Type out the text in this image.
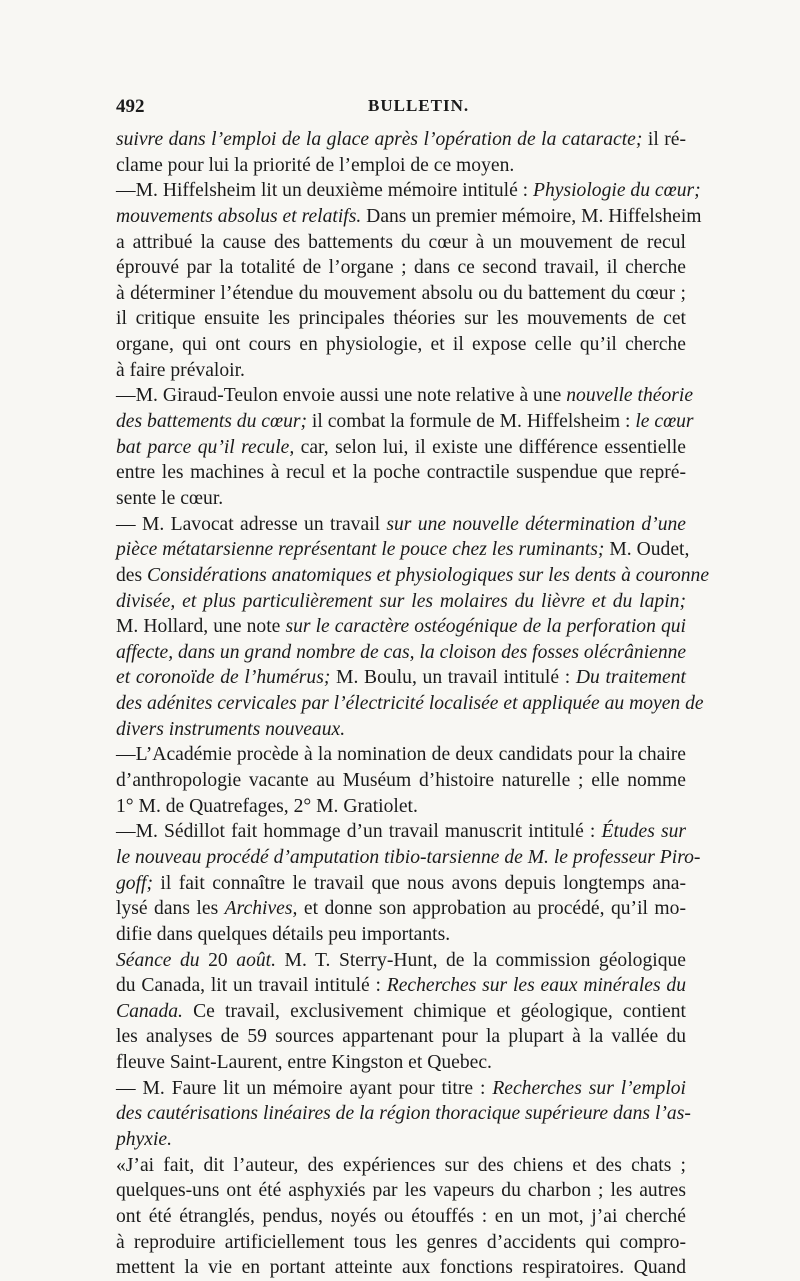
492	BULLETIN.
suivre dans l’emploi de la glace après l’opération de la cataracte; il ré-
clame pour lui la priorité de l’emploi de ce moyen.
—M. Hiffelsheim lit un deuxième mémoire intitulé : Physiologie du cœur;
mouvements absolus et relatifs. Dans un premier mémoire, M. Hiffelsheim
a attribué la cause des battements du cœur à un mouvement de recul
éprouvé par la totalité de l’organe ; dans ce second travail, il cherche
à déterminer l’étendue du mouvement absolu ou du battement du cœur ;
il critique ensuite les principales théories sur les mouvements de cet
organe, qui ont cours en physiologie, et il expose celle qu’il cherche
à faire prévaloir.
—M. Giraud-Teulon envoie aussi une note relative à une nouvelle théorie
des battements du cœur; il combat la formule de M. Hiffelsheim : le cœur
bat parce qu’il recule, car, selon lui, il existe une différence essentielle
entre les machines à recul et la poche contractile suspendue que repré-
sente le cœur.
— M. Lavocat adresse un travail sur une nouvelle détermination d’une
pièce métatarsienne représentant le pouce chez les ruminants; M. Oudet,
des Considérations anatomiques et physiologiques sur les dents à couronne
divisée, et plus particulièrement sur les molaires du lièvre et du lapin;
M. Hollard, une note sur le caractère ostéogénique de la perforation qui
affecte, dans un grand nombre de cas, la cloison des fosses olécrânienne
et coronoïde de l’humérus; M. Boulu, un travail intitulé : Du traitement
des adénites cervicales par l’électricité localisée et appliquée au moyen de
divers instruments nouveaux.
—L’Académie procède à la nomination de deux candidats pour la chaire
d’anthropologie vacante au Muséum d’histoire naturelle ; elle nomme
1° M. de Quatrefages, 2° M. Gratiolet.
—M. Sédillot fait hommage d’un travail manuscrit intitulé : Études sur
le nouveau procédé d’amputation tibio-tarsienne de M. le professeur Piro-
goff; il fait connaître le travail que nous avons depuis longtemps ana-
lysé dans les Archives, et donne son approbation au procédé, qu’il mo-
difie dans quelques détails peu importants.
Séance du 20 août. M. T. Sterry-Hunt, de la commission géologique
du Canada, lit un travail intitulé : Recherches sur les eaux minérales du
Canada. Ce travail, exclusivement chimique et géologique, contient
les analyses de 59 sources appartenant pour la plupart à la vallée du
fleuve Saint-Laurent, entre Kingston et Quebec.
— M. Faure lit un mémoire ayant pour titre : Recherches sur l’emploi
des cautérisations linéaires de la région thoracique supérieure dans l’as-
phyxie.
«J’ai fait, dit l’auteur, des expériences sur des chiens et des chats ;
quelques-uns ont été asphyxiés par les vapeurs du charbon ; les autres
ont été étranglés, pendus, noyés ou étouffés : en un mot, j’ai cherché
à reproduire artificiellement tous les genres d’accidents qui compro-
mettent la vie en portant atteinte aux fonctions respiratoires. Quand
